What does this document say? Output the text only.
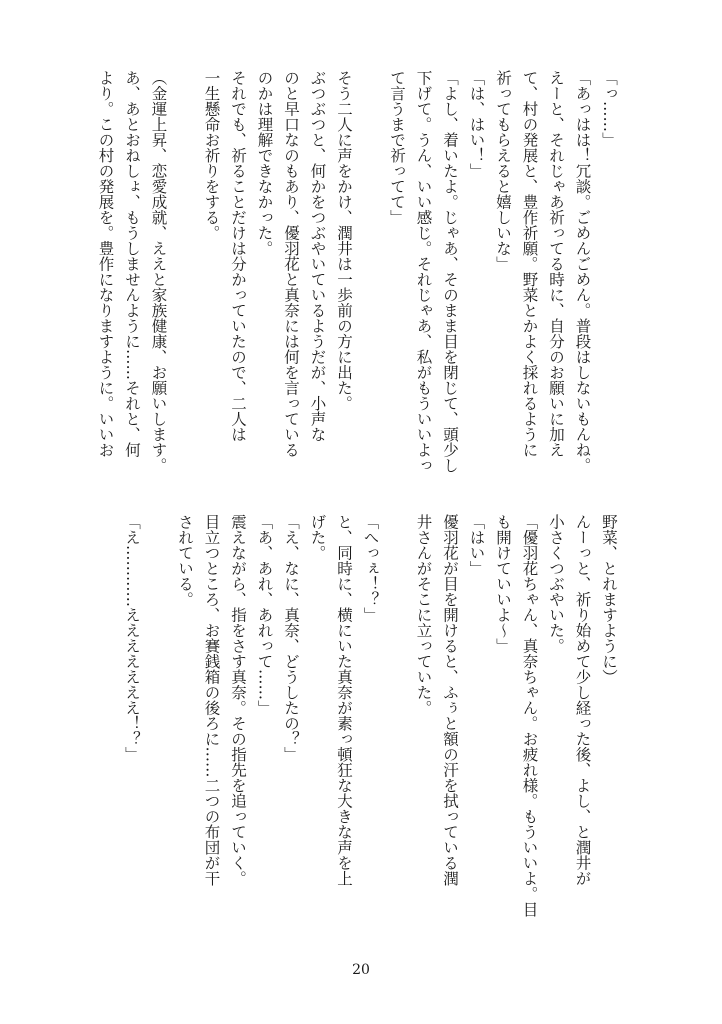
「っ……」
「あっはは！冗談。ごめんごめん。普段はしないもんね。
えーと、それじゃあ祈ってる時に、自分のお願いに加え
て、村の発展と、豊作祈願。野菜とかよく採れるように
祈ってもらえると嬉しいな」
「は、はい！」
「よし、着いたよ。じゃあ、そのまま目を閉じて、頭少し
下げて。うん、いい感じ。それじゃあ、私がもういいよっ
て言うまで祈ってて」

そう二人に声をかけ、潤井は一歩前の方に出た。
ぶつぶつと、何かをつぶやいているようだが、小声な
のと早口なのもあり、優羽花と真奈には何を言っている
のかは理解できなかった。
それでも、祈ることだけは分かっていたので、二人は
一生懸命お祈りをする。

（金運上昇、恋愛成就、ええと家族健康、お願いします。
あ、あとおねしょ、もうしませんように……それと、何
より。この村の発展を。豊作になりますように。いいお
野菜、とれますように）
んーっと、祈り始めて少し経った後、よし、と潤井が
小さくつぶやいた。
「優羽花ちゃん、真奈ちゃん。お疲れ様。もういいよ。目
も開けていいよ〜」
「はい」
優羽花が目を開けると、ふぅと額の汗を拭っている潤
井さんがそこに立っていた。

「へっぇ！？」
と、同時に、横にいた真奈が素っ頓狂な大きな声を上
げた。
「え、なに、真奈、どうしたの？」
「あ、あれ、あれって……」
震えながら、指をさす真奈。その指先を追っていく。
目立つところ、お賽銭箱の後ろに……二つの布団が干
されている。

「え…………えええええええ！？」
20
